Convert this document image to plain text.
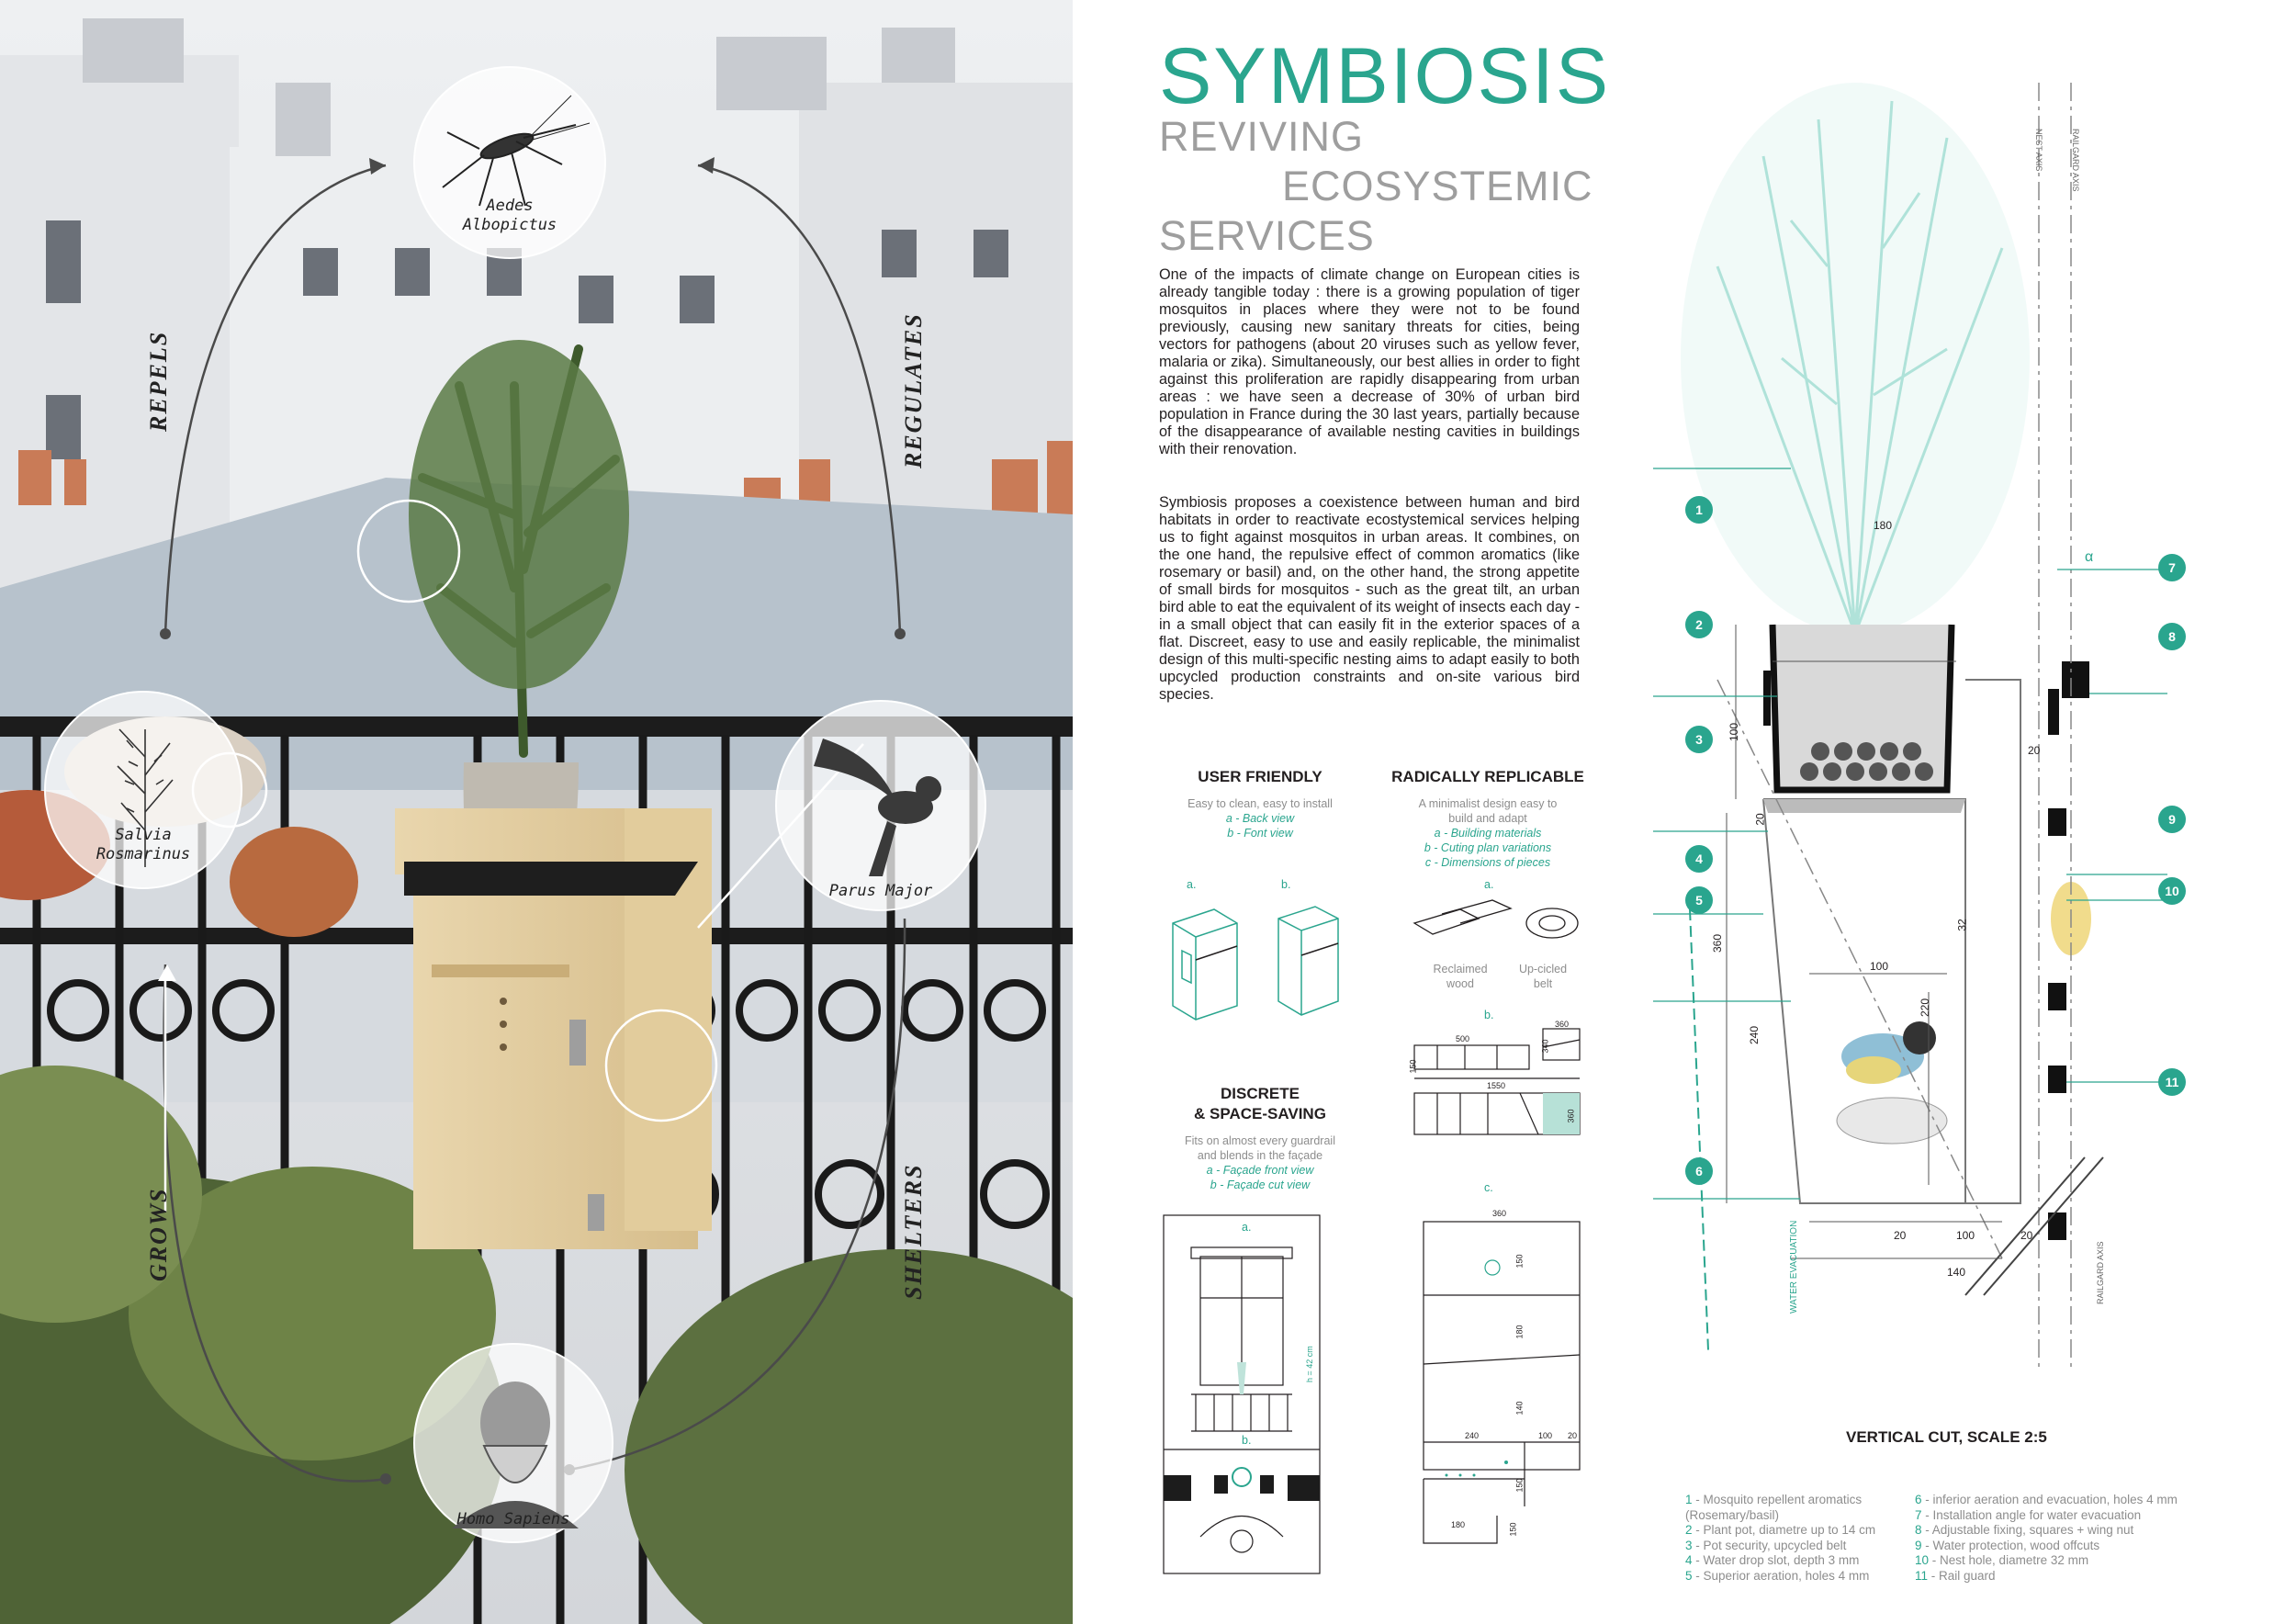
Aedes
Albopictus
Salvia
Rosmarinus
Parus Major
Homo Sapiens
REPELS	REGULATES
GROWS	SHELTERS
SYMBIOSIS
REVIVING
ECOSYSTEMIC
SERVICES

One of the impacts of climate change on European cities is already tangible today : there is a growing population of tiger mosquitos in places where they were not to be found previously, causing new sanitary threats for cities, being vectors for pathogens (about 20 viruses such as yellow fever, malaria or zika). Simultaneously, our best allies in order to fight against this proliferation are rapidly disappearing from urban areas : we have seen a decrease of 30% of urban bird population in France during the 30 last years, partially because of the disappearance of available nesting cavities in buildings with their renovation.

Symbiosis proposes a coexistence between human and bird habitats in order to reactivate ecostystemical services helping us to fight against mosquitos in urban areas. It combines, on the one hand, the repulsive effect of common aromatics (like rosemary or basil) and, on the other hand, the strong appetite of small birds for mosquitos - such as the great tilt, an urban bird able to eat the equivalent of its weight of insects each day - in a small object that can easily fit in the exterior spaces of a flat. Discreet, easy to use and easily replicable, the minimalist design of this multi-specific nesting aims to adapt easily to both upcycled production constraints and on-site various bird species.

USER FRIENDLY
Easy to clean, easy to install
a - Back view
b - Font view
a.	b.
RADICALLY REPLICABLE
A minimalist design easy to
build and adapt
a - Building materials
b - Cuting plan variations
c - Dimensions of pieces
a.
Reclaimed
wood
Up-cicled
belt
b.
500
360
150
340
1550
360
c.
360
150
180
240	100 20
140
150
180	150
DISCRETE
& SPACE-SAVING
Fits on almost every guardrail
and blends in the façade
a - Façade front view
b - Façade cut view
a.
b.
h = 42 cm
NEST AXIS	RAILGARD AXIS
RAILGARD AXIS
WATER EVACUATION
α
180
100
20
20
360
240
32
100
220
20	100	20
140
1
2
3
4
5
6
7
8
9
10
11
VERTICAL CUT, SCALE 2:5
1 - Mosquito repellent aromatics
(Rosemary/basil)
2 - Plant pot, diametre up to 14 cm
3 - Pot security, upcycled belt
4 - Water drop slot, depth 3 mm
5 - Superior aeration, holes 4 mm
6 - inferior aeration and evacuation, holes 4 mm
7 - Installation angle for water evacuation
8 - Adjustable fixing, squares + wing nut
9 - Water protection, wood offcuts
10 - Nest hole, diametre 32 mm
11 - Rail guard
